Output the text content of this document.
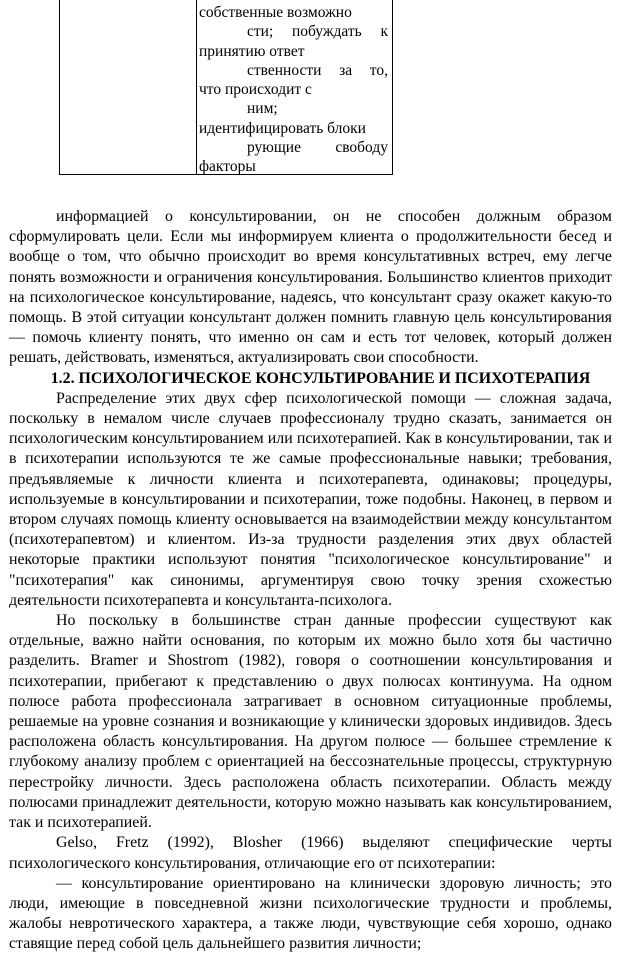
собственные возможно
сти; побуждать к
принятию ответ
ственности за то,
что происходит с
ним;
идентифицировать блоки
рующие свободу
факторы

информацией о консультировании, он не способен должным образом сформулировать цели. Если мы информируем клиента о продолжительности бесед и вообще о том, что обычно происходит во время консультативных встреч, ему легче понять возможности и ограничения консультирования. Большинство клиентов приходит на психологическое консультирование, надеясь, что консультант сразу окажет какую-то помощь. В этой ситуации консультант должен помнить главную цель консультирования — помочь клиенту понять, что именно он сам и есть тот человек, который должен решать, действовать, изменяться, актуализировать свои способности.

1.2. ПСИХОЛОГИЧЕСКОЕ КОНСУЛЬТИРОВАНИЕ И ПСИХОТЕРАПИЯ

Распределение этих двух сфер психологической помощи — сложная задача, поскольку в немалом числе случаев профессионалу трудно сказать, занимается он психологическим консультированием или психотерапией. Как в консультировании, так и в психотерапии используются те же самые профессиональные навыки; требования, предъявляемые к личности клиента и психотерапевта, одинаковы; процедуры, используемые в консультировании и психотерапии, тоже подобны. Наконец, в первом и втором случаях помощь клиенту основывается на взаимодействии между консультантом (психотерапевтом) и клиентом. Из-за трудности разделения этих двух областей некоторые практики используют понятия "психологическое консультирование" и "психотерапия" как синонимы, аргументируя свою точку зрения схожестью деятельности психотерапевта и консультанта-психолога.

Но поскольку в большинстве стран данные профессии существуют как отдельные, важно найти основания, по которым их можно было хотя бы частично разделить. Bramer и Shostrom (1982), говоря о соотношении консультирования и психотерапии, прибегают к представлению о двух полюсах континуума. На одном полюсе работа профессионала затрагивает в основном ситуационные проблемы, решаемые на уровне сознания и возникающие у клинически здоровых индивидов. Здесь расположена область консультирования. На другом полюсе — большее стремление к глубокому анализу проблем с ориентацией на бессознательные процессы, структурную перестройку личности. Здесь расположена область психотерапии. Область между полюсами принадлежит деятельности, которую можно называть как консультированием, так и психотерапией.

Gelso, Fretz (1992), Blosher (1966) выделяют специфические черты психологического консультирования, отличающие его от психотерапии:

— консультирование ориентировано на клинически здоровую личность; это люди, имеющие в повседневной жизни психологические трудности и проблемы, жалобы невротического характера, а также люди, чувствующие себя хорошо, однако ставящие перед собой цель дальнейшего развития личности;
